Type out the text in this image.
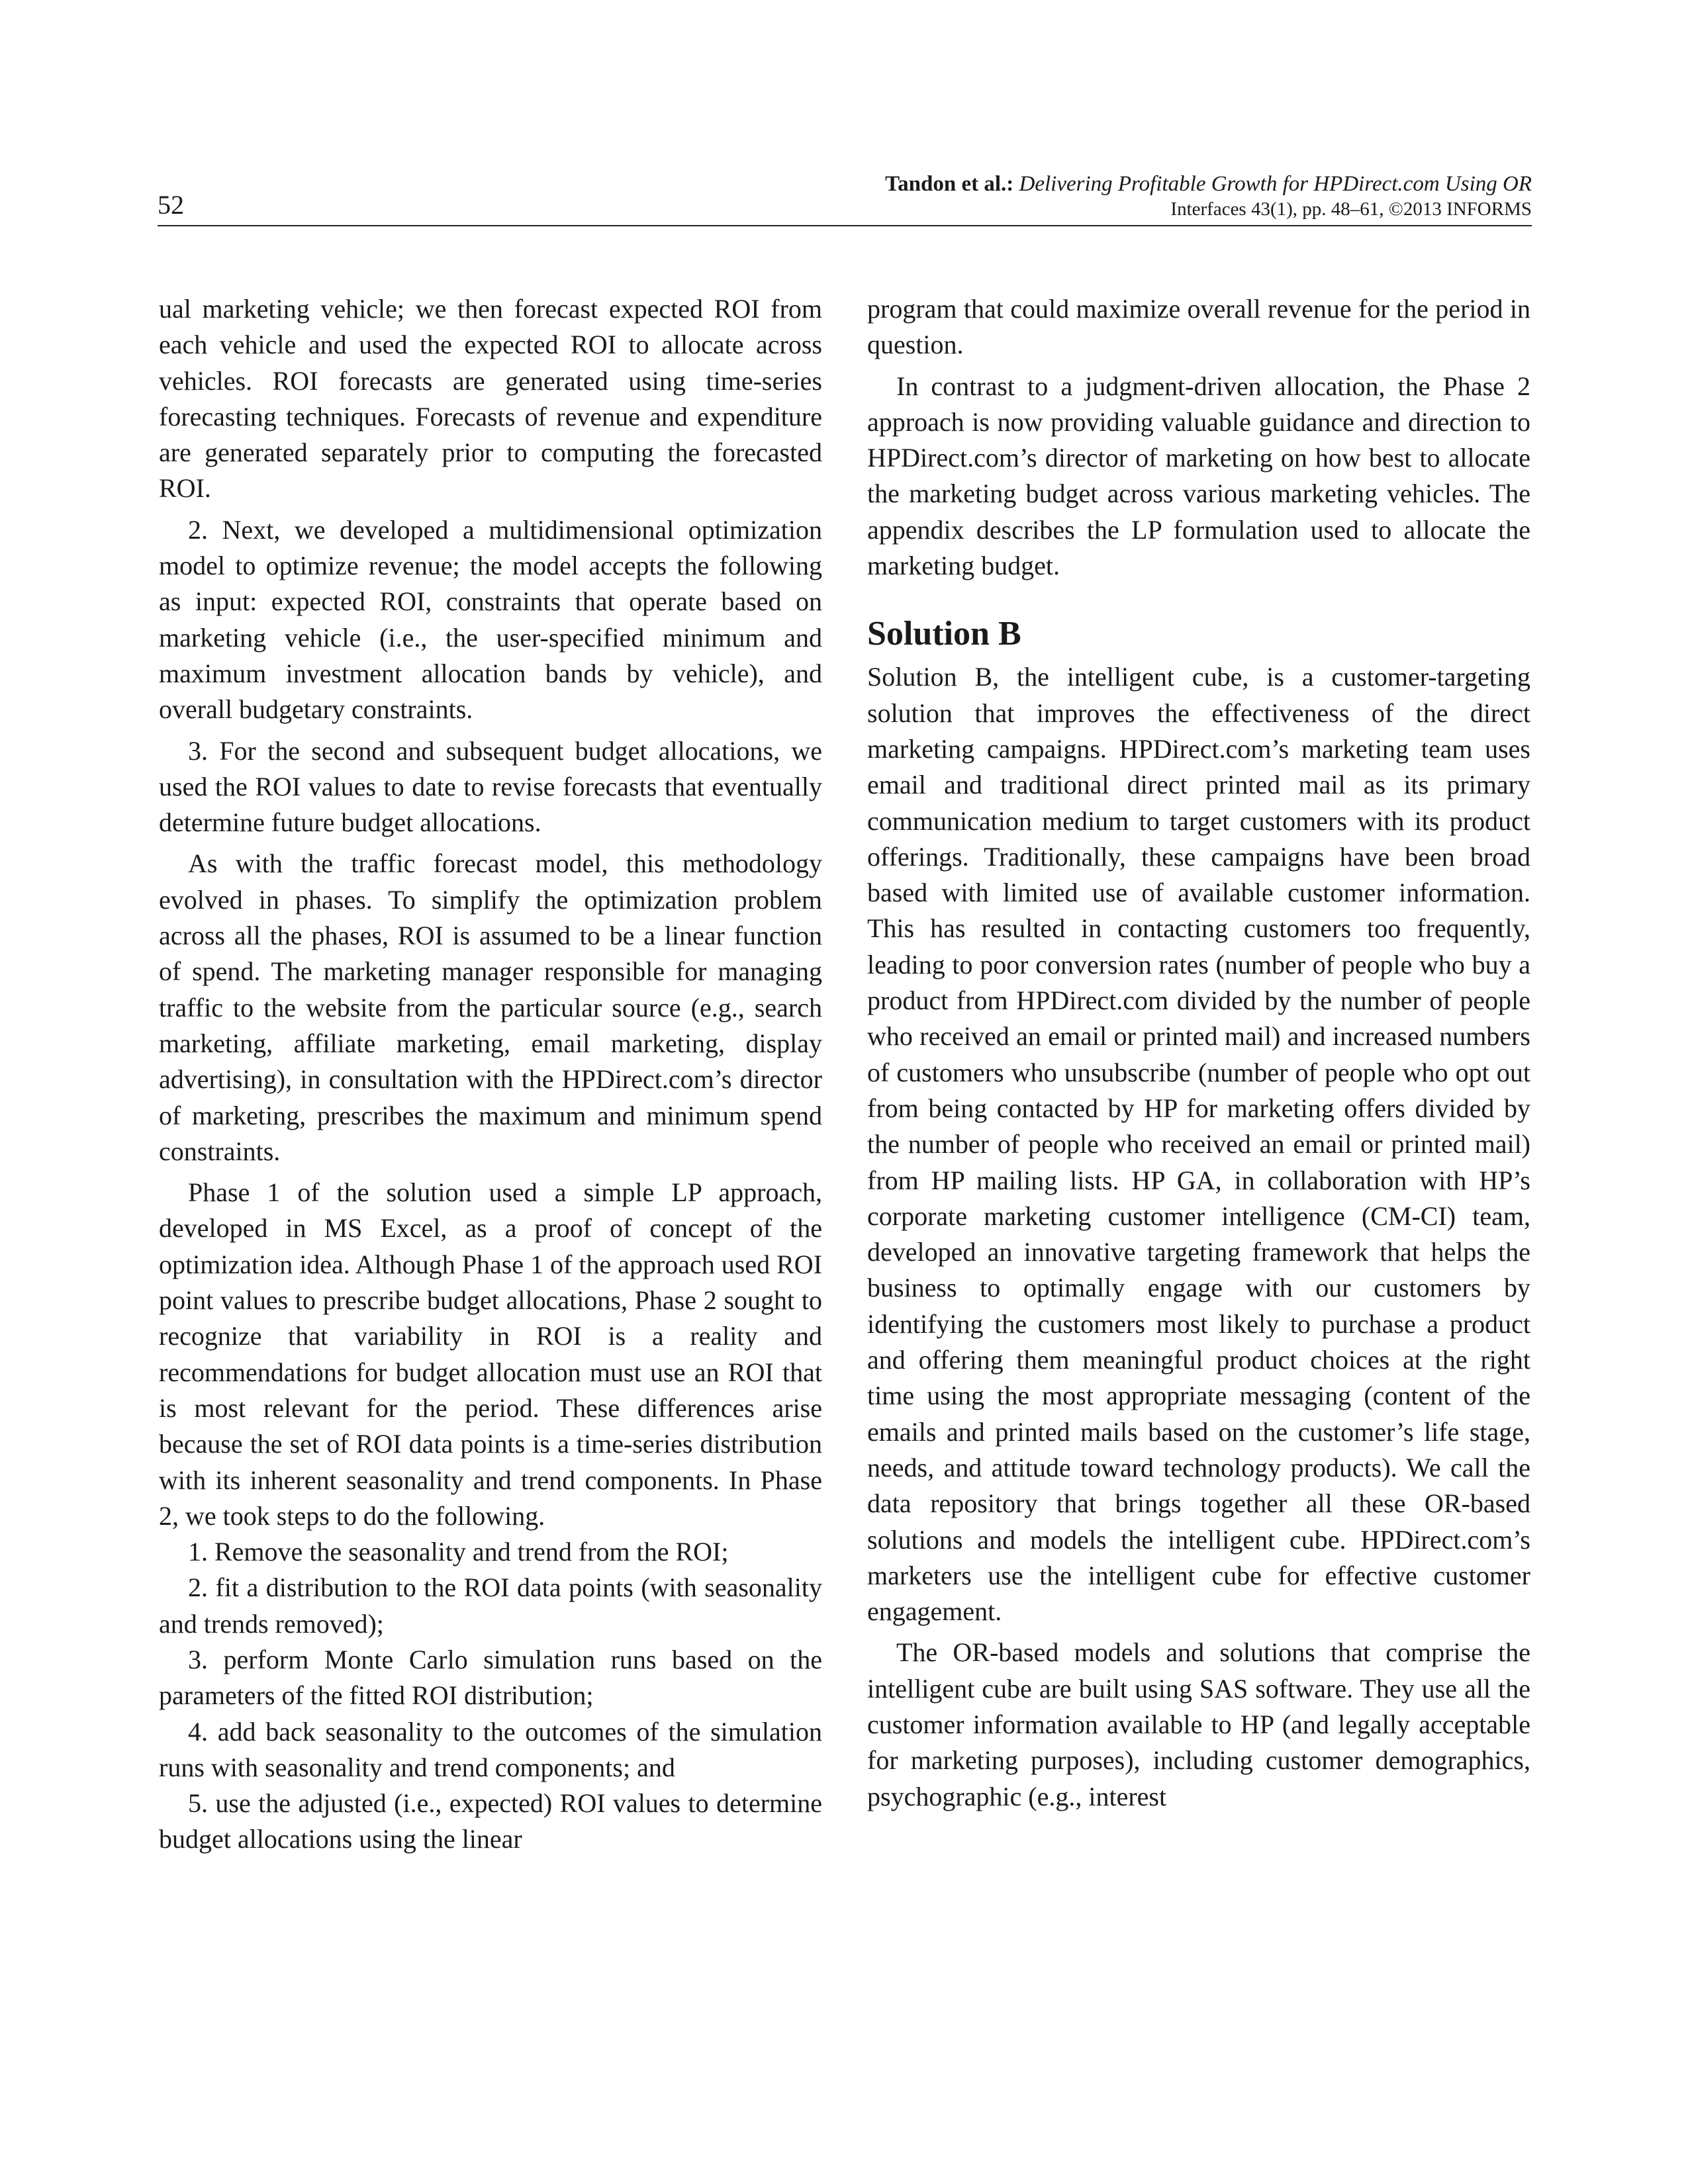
52
Tandon et al.: Delivering Profitable Growth for HPDirect.com Using OR
Interfaces 43(1), pp. 48–61, ©2013 INFORMS

ual marketing vehicle; we then forecast expected ROI from each vehicle and used the expected ROI to allocate across vehicles. ROI forecasts are generated using time-series forecasting techniques. Forecasts of revenue and expenditure are generated separately prior to computing the forecasted ROI.

2. Next, we developed a multidimensional optimization model to optimize revenue; the model accepts the following as input: expected ROI, constraints that operate based on marketing vehicle (i.e., the user-specified minimum and maximum investment allocation bands by vehicle), and overall budgetary constraints.

3. For the second and subsequent budget allocations, we used the ROI values to date to revise forecasts that eventually determine future budget allocations.

As with the traffic forecast model, this methodology evolved in phases. To simplify the optimization problem across all the phases, ROI is assumed to be a linear function of spend. The marketing manager responsible for managing traffic to the website from the particular source (e.g., search marketing, affiliate marketing, email marketing, display advertising), in consultation with the HPDirect.com’s director of marketing, prescribes the maximum and minimum spend constraints.

Phase 1 of the solution used a simple LP approach, developed in MS Excel, as a proof of concept of the optimization idea. Although Phase 1 of the approach used ROI point values to prescribe budget allocations, Phase 2 sought to recognize that variability in ROI is a reality and recommendations for budget allocation must use an ROI that is most relevant for the period. These differences arise because the set of ROI data points is a time-series distribution with its inherent seasonality and trend components. In Phase 2, we took steps to do the following.

1. Remove the seasonality and trend from the ROI;

2. fit a distribution to the ROI data points (with seasonality and trends removed);

3. perform Monte Carlo simulation runs based on the parameters of the fitted ROI distribution;

4. add back seasonality to the outcomes of the simulation runs with seasonality and trend components; and

5. use the adjusted (i.e., expected) ROI values to determine budget allocations using the linear

program that could maximize overall revenue for the period in question.

In contrast to a judgment-driven allocation, the Phase 2 approach is now providing valuable guidance and direction to HPDirect.com’s director of marketing on how best to allocate the marketing budget across various marketing vehicles. The appendix describes the LP formulation used to allocate the marketing budget.

Solution B

Solution B, the intelligent cube, is a customer-targeting solution that improves the effectiveness of the direct marketing campaigns. HPDirect.com’s marketing team uses email and traditional direct printed mail as its primary communication medium to target customers with its product offerings. Traditionally, these campaigns have been broad based with limited use of available customer information. This has resulted in contacting customers too frequently, leading to poor conversion rates (number of people who buy a product from HPDirect.com divided by the number of people who received an email or printed mail) and increased numbers of customers who unsubscribe (number of people who opt out from being contacted by HP for marketing offers divided by the number of people who received an email or printed mail) from HP mailing lists. HP GA, in collaboration with HP’s corporate marketing customer intelligence (CM-CI) team, developed an innovative targeting framework that helps the business to optimally engage with our customers by identifying the customers most likely to purchase a product and offering them meaningful product choices at the right time using the most appropriate messaging (content of the emails and printed mails based on the customer’s life stage, needs, and attitude toward technology products). We call the data repository that brings together all these OR-based solutions and models the intelligent cube. HPDirect.com’s marketers use the intelligent cube for effective customer engagement.

The OR-based models and solutions that comprise the intelligent cube are built using SAS software. They use all the customer information available to HP (and legally acceptable for marketing purposes), including customer demographics, psychographic (e.g., interest
